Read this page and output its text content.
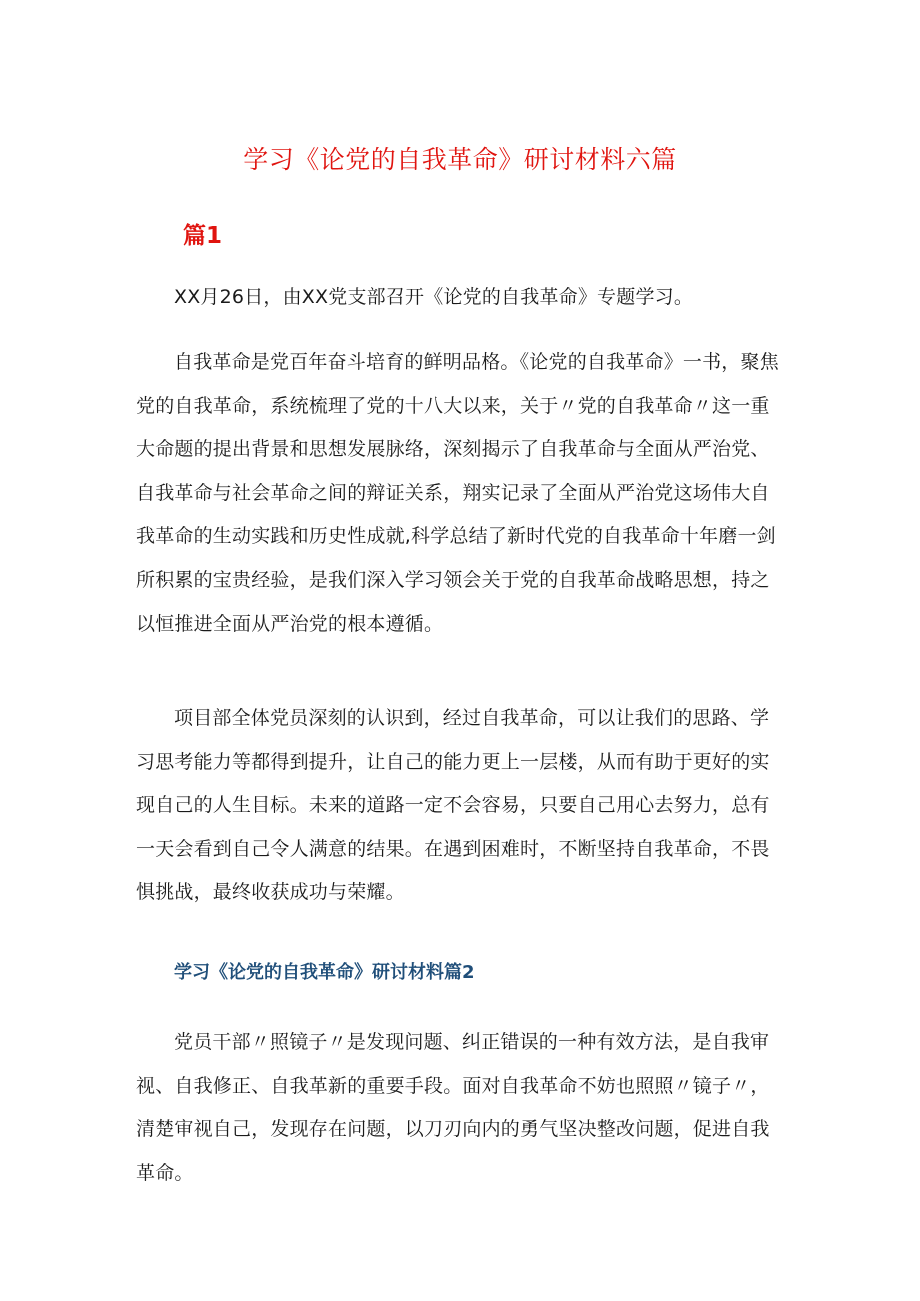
学习《论党的自我革命》研讨材料六篇
篇1

XX月26日，由XX党支部召开《论党的自我革命》专题学习。

自我革命是党百年奋斗培育的鲜明品格。《论党的自我革命》一书，聚焦党的自我革命，系统梳理了党的十八大以来，关于〃党的自我革命〃这一重大命题的提出背景和思想发展脉络，深刻揭示了自我革命与全面从严治党、自我革命与社会革命之间的辩证关系，翔实记录了全面从严治党这场伟大自我革命的生动实践和历史性成就,科学总结了新时代党的自我革命十年磨一剑所积累的宝贵经验，是我们深入学习领会关于党的自我革命战略思想，持之以恒推进全面从严治党的根本遵循。

项目部全体党员深刻的认识到，经过自我革命，可以让我们的思路、学习思考能力等都得到提升，让自己的能力更上一层楼，从而有助于更好的实现自己的人生目标。未来的道路一定不会容易，只要自己用心去努力，总有一天会看到自己令人满意的结果。在遇到困难时，不断坚持自我革命，不畏惧挑战，最终收获成功与荣耀。

学习《论党的自我革命》研讨材料篇2

党员干部〃照镜子〃是发现问题、纠正错误的一种有效方法，是自我审视、自我修正、自我革新的重要手段。面对自我革命不妨也照照〃镜子〃，清楚审视自己，发现存在问题，以刀刃向内的勇气坚决整改问题，促进自我革命。
